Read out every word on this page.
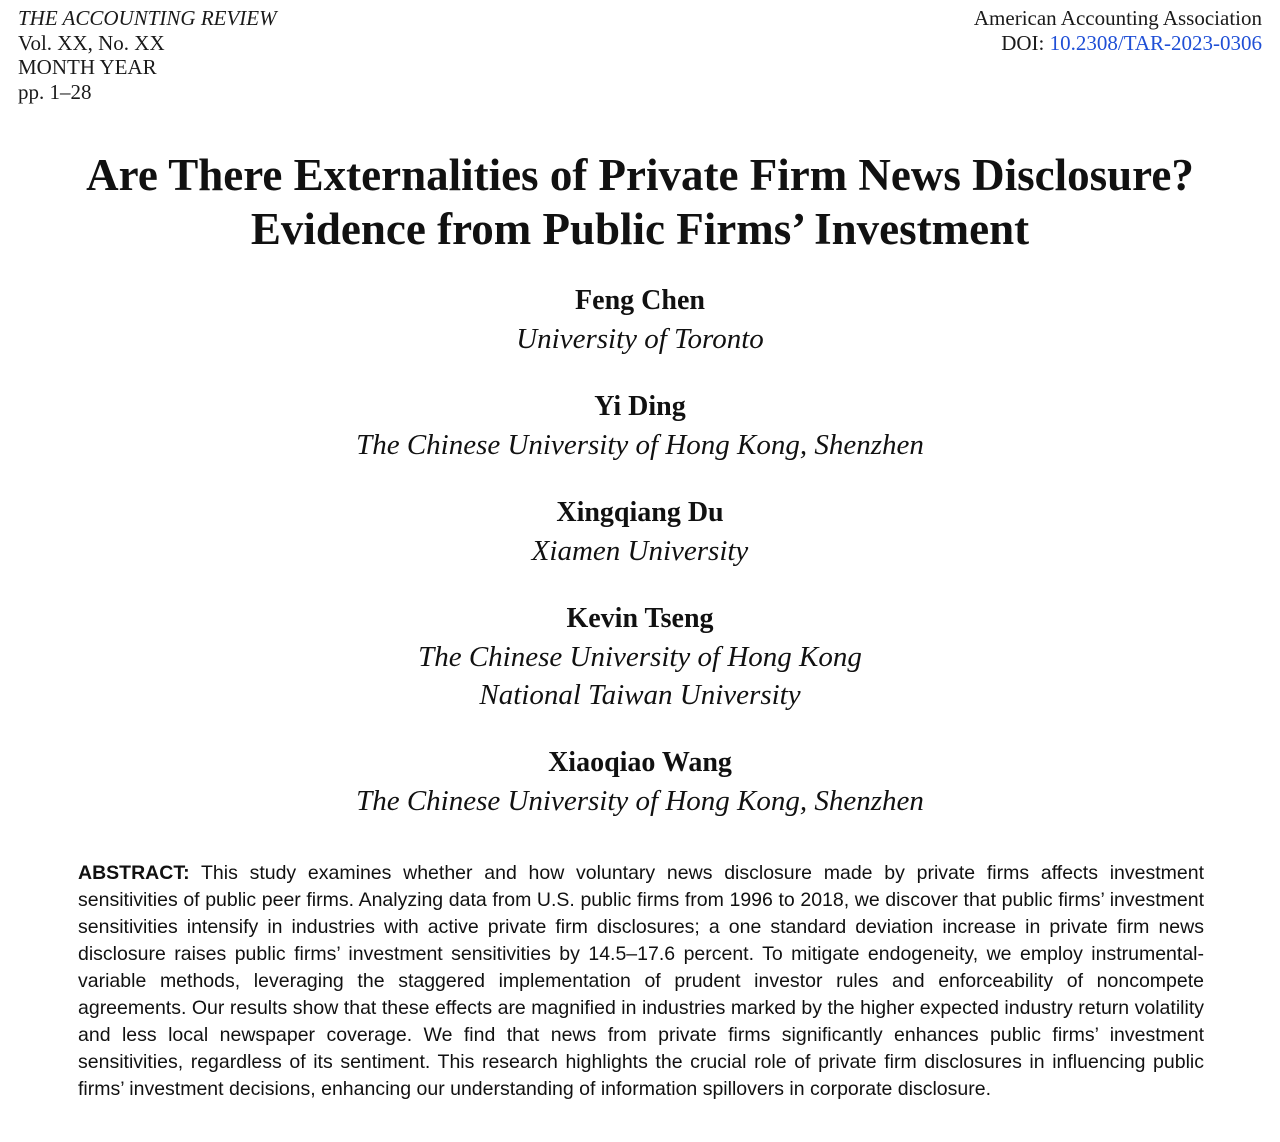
THE ACCOUNTING REVIEW
Vol. XX, No. XX
MONTH YEAR
pp. 1–28
American Accounting Association
DOI: 10.2308/TAR-2023-0306
Are There Externalities of Private Firm News Disclosure?
Evidence from Public Firms’ Investment
Feng Chen
University of Toronto
Yi Ding
The Chinese University of Hong Kong, Shenzhen
Xingqiang Du
Xiamen University
Kevin Tseng
The Chinese University of Hong Kong
National Taiwan University
Xiaoqiao Wang
The Chinese University of Hong Kong, Shenzhen

ABSTRACT: This study examines whether and how voluntary news disclosure made by private firms affects investment sensitivities of public peer firms. Analyzing data from U.S. public firms from 1996 to 2018, we discover that public firms’ investment sensitivities intensify in industries with active private firm disclosures; a one standard deviation increase in private firm news disclosure raises public firms’ investment sensitivities by 14.5–17.6 percent. To mitigate endogeneity, we employ instrumental-variable methods, leveraging the staggered implementation of prudent investor rules and enforceability of noncompete agreements. Our results show that these effects are magnified in industries marked by the higher expected industry return volatility and less local newspaper coverage. We find that news from private firms significantly enhances public firms’ investment sensitivities, regardless of its sentiment. This research highlights the crucial role of private firm disclosures in influencing public firms’ investment decisions, enhancing our understanding of information spillovers in corporate disclosure.
